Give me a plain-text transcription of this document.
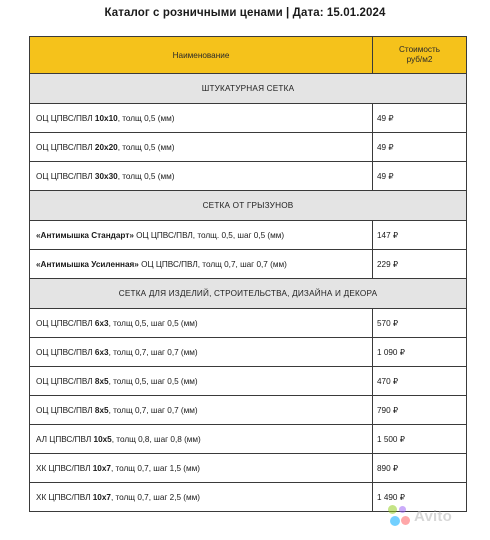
Каталог с розничными ценами | Дата: 15.01.2024
Наименование	Стоимость
руб/м2

ШТУКАТУРНАЯ СЕТКА	
ОЦ ЦПВС/ПВЛ 10х10, толщ 0,5 (мм)	49 ₽
ОЦ ЦПВС/ПВЛ 20х20, толщ 0,5 (мм)	49 ₽
ОЦ ЦПВС/ПВЛ 30х30, толщ 0,5 (мм)	49 ₽
СЕТКА ОТ ГРЫЗУНОВ	
«Антимышка Стандарт» ОЦ ЦПВС/ПВЛ, толщ. 0,5, шаг 0,5 (мм)	147 ₽
«Антимышка Усиленная» ОЦ ЦПВС/ПВЛ, толщ 0,7, шаг 0,7 (мм)	229 ₽
СЕТКА ДЛЯ ИЗДЕЛИЙ, СТРОИТЕЛЬСТВА, ДИЗАЙНА И ДЕКОРА	
ОЦ ЦПВС/ПВЛ 6х3, толщ 0,5, шаг 0,5 (мм)	570 ₽
ОЦ ЦПВС/ПВЛ 6х3, толщ 0,7, шаг 0,7 (мм)	1 090 ₽
ОЦ ЦПВС/ПВЛ 8х5, толщ 0,5, шаг 0,5 (мм)	470 ₽
ОЦ ЦПВС/ПВЛ 8х5, толщ 0,7, шаг 0,7 (мм)	790 ₽
АЛ ЦПВС/ПВЛ 10х5, толщ 0,8, шаг 0,8 (мм)	1 500 ₽
ХК ЦПВС/ПВЛ 10х7, толщ 0,7, шаг 1,5 (мм)	890 ₽
ХК ЦПВС/ПВЛ 10х7, толщ 0,7, шаг 2,5 (мм)	1 490 ₽
Avito
